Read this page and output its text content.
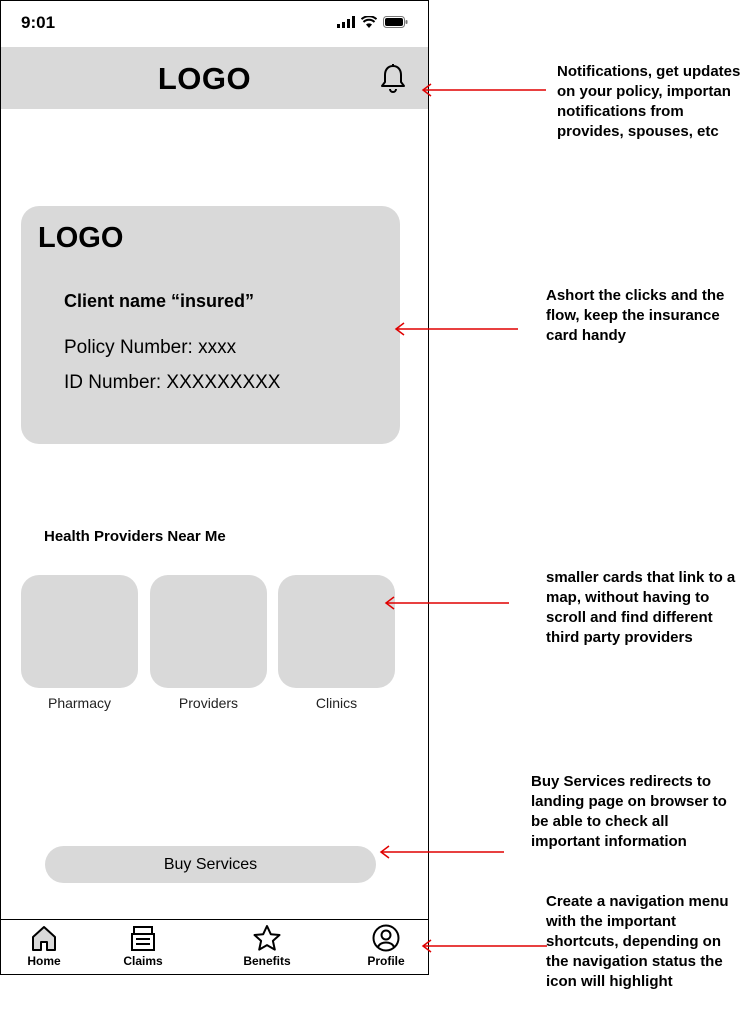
9:01
LOGO
LOGO
Client name “insured”
Policy Number: xxxx
ID Number: XXXXXXXXX
Health Providers Near Me
Pharmacy	Providers	Clinics
Buy Services
Home	Claims	Benefits	Profile
Notifications, get updates on your policy, importan notifications from provides, spouses, etc
Ashort the clicks and the flow, keep the insurance card handy
smaller cards that link to a map, without having to scroll and find different third party providers
Buy Services redirects to landing page on browser to be able to check all important information
Create a navigation menu with the important shortcuts, depending on the navigation status the icon will highlight
